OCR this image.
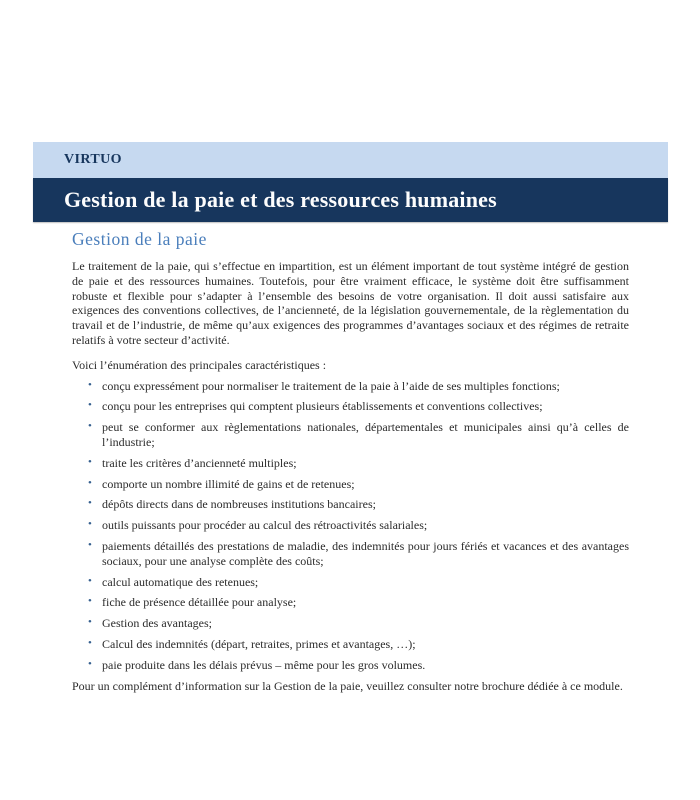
VIRTUO
Gestion de la paie et des ressources humaines
Gestion de la paie

Le traitement de la paie, qui s’effectue en impartition, est un élément important de tout système intégré de gestion de paie et des ressources humaines. Toutefois, pour être vraiment efficace, le système doit être suffisamment robuste et flexible pour s’adapter à l’ensemble des besoins de votre organisation. Il doit aussi satisfaire aux exigences des conventions collectives, de l’ancienneté, de la législation gouvernementale, de la règlementation du travail et de l’industrie, de même qu’aux exigences des programmes d’avantages sociaux et des régimes de retraite relatifs à votre secteur d’activité.

Voici l’énumération des principales caractéristiques :

• conçu expressément pour normaliser le traitement de la paie à l’aide de ses multiples fonctions;
• conçu pour les entreprises qui comptent plusieurs établissements et conventions collectives;
• peut se conformer aux règlementations nationales, départementales et municipales ainsi qu’à celles de l’industrie;
• traite les critères d’ancienneté multiples;
• comporte un nombre illimité de gains et de retenues;
• dépôts directs dans de nombreuses institutions bancaires;
• outils puissants pour procéder au calcul des rétroactivités salariales;
• paiements détaillés des prestations de maladie, des indemnités pour jours fériés et vacances et des avantages sociaux, pour une analyse complète des coûts;
• calcul automatique des retenues;
• fiche de présence détaillée pour analyse;
• Gestion des avantages;
• Calcul des indemnités (départ, retraites, primes et avantages, …);
• paie produite dans les délais prévus – même pour les gros volumes.

Pour un complément d’information sur la Gestion de la paie, veuillez consulter notre brochure dédiée à ce module.
